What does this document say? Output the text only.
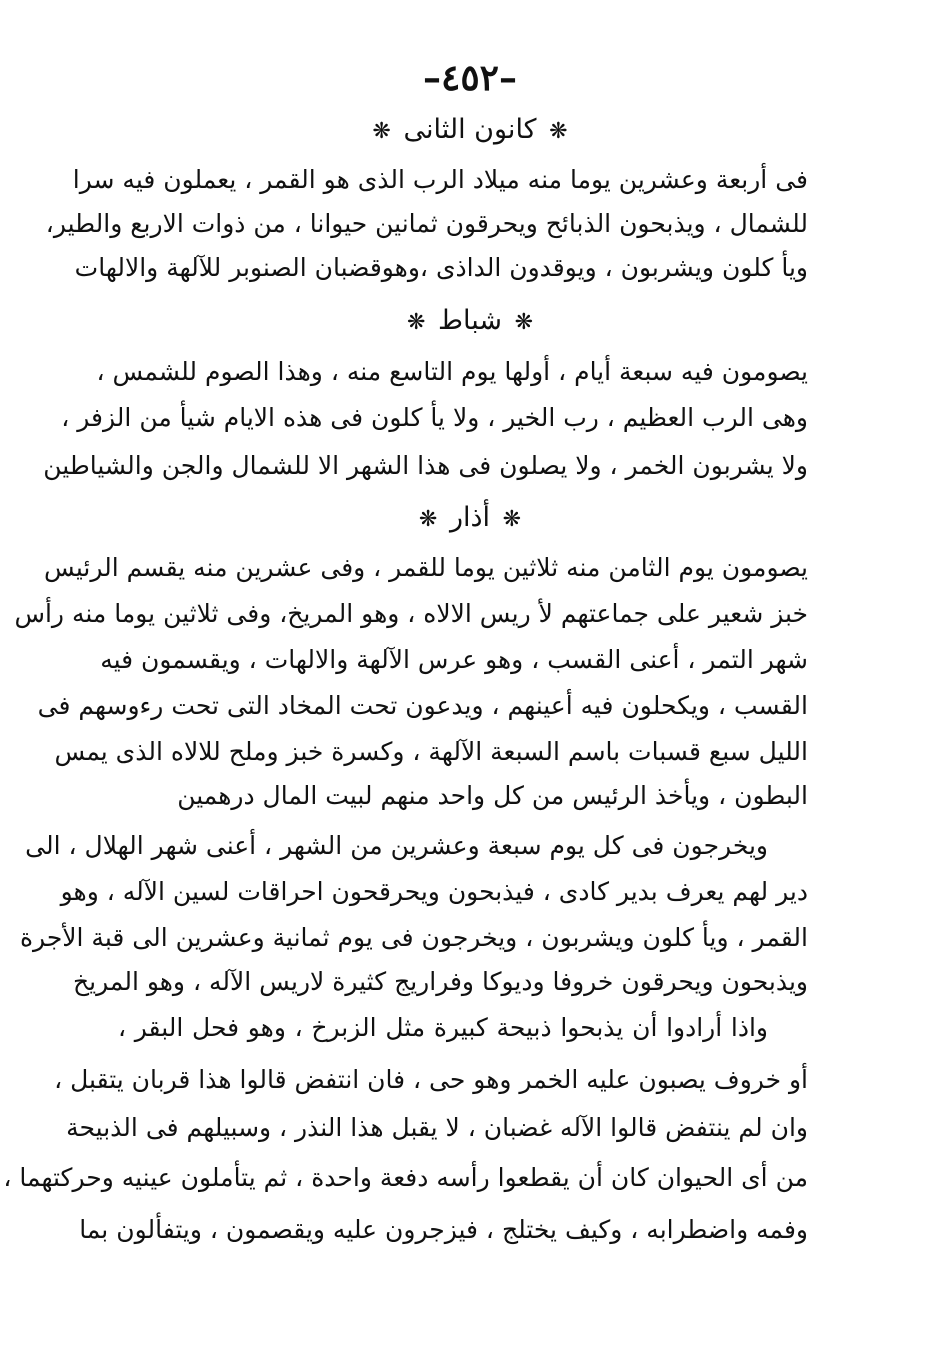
–٤٥٢–
❋ كانون الثانى ❋
فى أربعة وعشرين يوما منه ميلاد الرب الذى هو القمر ، يعملون فيه سرا
للشمال ، ويذبحون الذبائح ويحرقون ثمانين حيوانا ، من ذوات الاربع والطير،
ويأ كلون ويشربون ، ويوقدون الداذى ،وهوقضبان الصنوبر للآلهة والالهات
❋ شباط ❋
يصومون فيه سبعة أيام ، أولها يوم التاسع منه ، وهذا الصوم للشمس ،
وهى الرب العظيم ، رب الخير ، ولا يأ كلون فى هذه الايام شيأ من الزفر ،
ولا يشربون الخمر ، ولا يصلون فى هذا الشهر الا للشمال والجن والشياطين
❋ أذار ❋
يصومون يوم الثامن منه ثلاثين يوما للقمر ، وفى عشرين منه يقسم الرئيس
خبز شعير على جماعتهم لأ ريس الالاه ، وهو المريخ، وفى ثلاثين يوما منه رأس
شهر التمر ، أعنى القسب ، وهو عرس الآلهة والالهات ، ويقسمون فيه
القسب ، ويكحلون فيه أعينهم ، ويدعون تحت المخاد التى تحت رءوسهم فى
الليل سبع قسبات باسم السبعة الآلهة ، وكسرة خبز وملح للالاه الذى يمس
البطون ، ويأخذ الرئيس من كل واحد منهم لبيت المال درهمين
ويخرجون فى كل يوم سبعة وعشرين من الشهر ، أعنى شهر الهلال ، الى
دير لهم يعرف بدير كادى ، فيذبحون ويحرقحون احراقات لسين الآله ، وهو
القمر ، ويأ كلون ويشربون ، ويخرجون فى يوم ثمانية وعشرين الى قبة الأجرة
ويذبحون ويحرقون خروفا وديوكا وفراريج كثيرة لاريس الآله ، وهو المريخ
واذا أرادوا أن يذبحوا ذبيحة كبيرة مثل الزبرخ ، وهو فحل البقر ،
أو خروف يصبون عليه الخمر وهو حى ، فان انتفض قالوا هذا قربان يتقبل ،
وان لم ينتفض قالوا الآله غضبان ، لا يقبل هذا النذر ، وسبيلهم فى الذبيحة
من أى الحيوان كان أن يقطعوا رأسه دفعة واحدة ، ثم يتأملون عينيه وحركتهما ،
وفمه واضطرابه ، وكيف يختلج ، فيزجرون عليه ويقصمون ، ويتفألون بما
